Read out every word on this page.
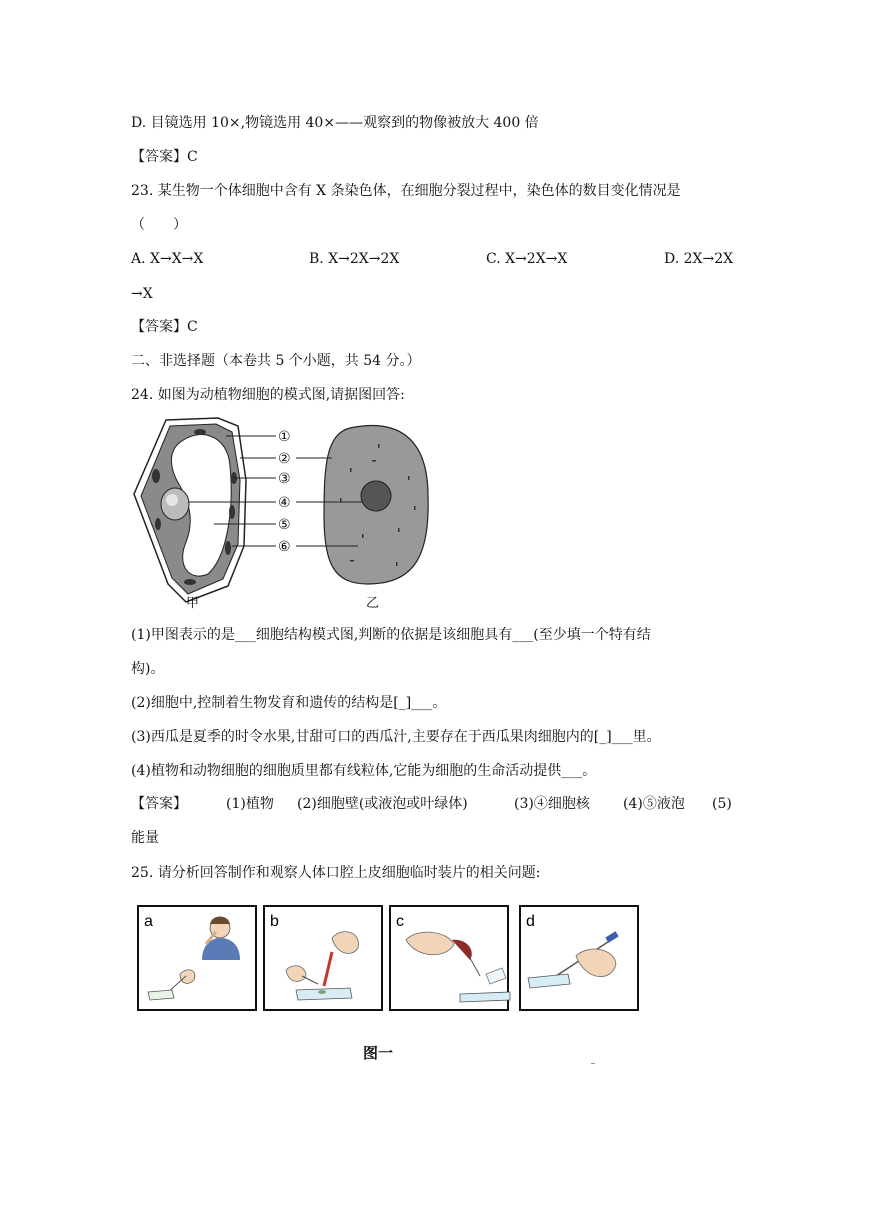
D. 目镜选用 10×,物镜选用 40×——观察到的物像被放大 400 倍
【答案】C
23. 某生物一个体细胞中含有 X 条染色体，在细胞分裂过程中，染色体的数目变化情况是
（　　）
A. X→X→X	B. X→2X→2X	C. X→2X→X	D. 2X→2X
→X
【答案】C
二、非选择题（本卷共 5 个小题，共 54 分。）
24. 如图为动植物细胞的模式图,请据图回答:
①
②
③
④
⑤
⑥
甲	乙
(1)甲图表示的是___细胞结构模式图,判断的依据是该细胞具有___(至少填一个特有结
构)。
(2)细胞中,控制着生物发育和遗传的结构是[_]___。
(3)西瓜是夏季的时令水果,甘甜可口的西瓜汁,主要存在于西瓜果肉细胞内的[_]___里。
(4)植物和动物细胞的细胞质里都有线粒体,它能为细胞的生命活动提供___。
【答案】	(1)植物 (2)细胞壁(或液泡或叶绿体)	(3)④细胞核 (4)⑤液泡 (5)
能量
25. 请分析回答制作和观察人体口腔上皮细胞临时装片的相关问题:
a	b	c	d
图一
